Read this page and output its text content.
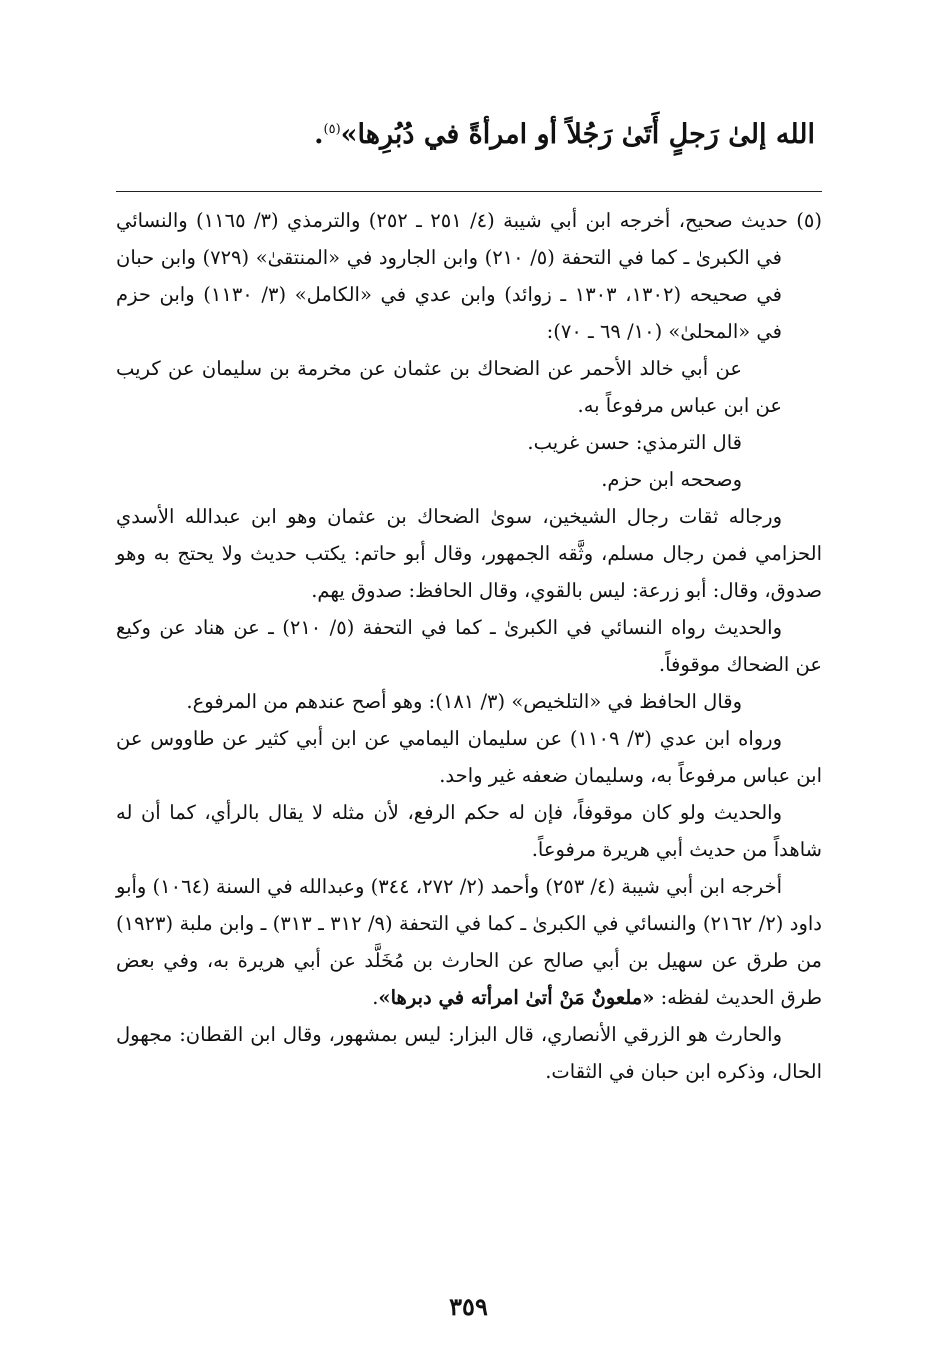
الله إلىٰ رَجلٍ أَتَىٰ رَجُلاً أو امرأةً في دُبُرِها»$^{(٥)}$.

(٥) حديث صحيح، أخرجه ابن أبي شيبة (٤/ ٢٥١ ـ ٢٥٢) والترمذي (٣/ ١١٦٥) والنسائي في الكبرىٰ ـ كما في التحفة (٥/ ٢١٠) وابن الجارود في «المنتقىٰ» (٧٢٩) وابن حبان في صحيحه (١٣٠٢، ١٣٠٣ ـ زوائد) وابن عدي في «الكامل» (٣/ ١١٣٠) وابن حزم في «المحلىٰ» (١٠/ ٦٩ ـ ٧٠):

عن أبي خالد الأحمر عن الضحاك بن عثمان عن مخرمة بن سليمان عن كريب عن ابن عباس مرفوعاً به.

قال الترمذي: حسن غريب.

وصححه ابن حزم.

ورجاله ثقات رجال الشيخين، سوىٰ الضحاك بن عثمان وهو ابن عبدالله الأسدي الحزامي فمن رجال مسلم، وثَّقه الجمهور، وقال أبو حاتم: يكتب حديث ولا يحتج به وهو صدوق، وقال: أبو زرعة: ليس بالقوي، وقال الحافظ: صدوق يهم.

والحديث رواه النسائي في الكبرىٰ ـ كما في التحفة (٥/ ٢١٠) ـ عن هناد عن وكيع عن الضحاك موقوفاً.

وقال الحافظ في «التلخيص» (٣/ ١٨١): وهو أصح عندهم من المرفوع.

ورواه ابن عدي (٣/ ١١٠٩) عن سليمان اليمامي عن ابن أبي كثير عن طاووس عن ابن عباس مرفوعاً به، وسليمان ضعفه غير واحد.

والحديث ولو كان موقوفاً، فإن له حكم الرفع، لأن مثله لا يقال بالرأي، كما أن له شاهداً من حديث أبي هريرة مرفوعاً.

أخرجه ابن أبي شيبة (٤/ ٢٥٣) وأحمد (٢/ ٢٧٢، ٣٤٤) وعبدالله في السنة (١٠٦٤) وأبو داود (٢/ ٢١٦٢) والنسائي في الكبرىٰ ـ كما في التحفة (٩/ ٣١٢ ـ ٣١٣) ـ وابن ملبة (١٩٢٣) من طرق عن سهيل بن أبي صالح عن الحارث بن مُخَلَّد عن أبي هريرة به، وفي بعض طرق الحديث لفظه: «ملعونٌ مَنْ أتىٰ امرأته في دبرها».

والحارث هو الزرقي الأنصاري، قال البزار: ليس بمشهور، وقال ابن القطان: مجهول الحال، وذكره ابن حبان في الثقات.

٣٥٩
